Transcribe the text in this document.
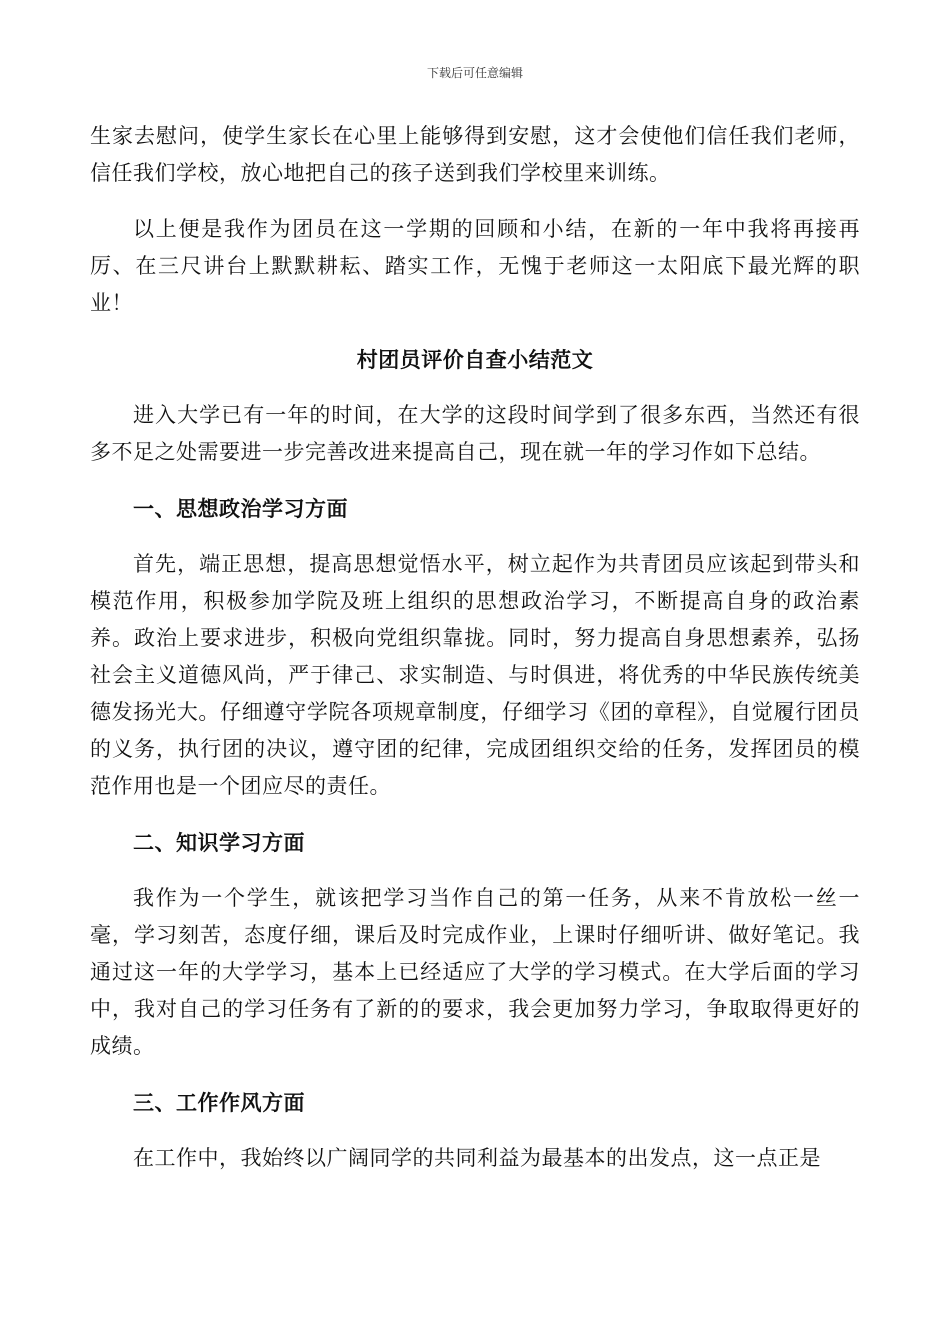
下载后可任意编辑

生家去慰问，使学生家长在心里上能够得到安慰，这才会使他们信任我们老师，信任我们学校，放心地把自己的孩子送到我们学校里来训练。

以上便是我作为团员在这一学期的回顾和小结，在新的一年中我将再接再厉、在三尺讲台上默默耕耘、踏实工作，无愧于老师这一太阳底下最光辉的职业！

村团员评价自查小结范文

进入大学已有一年的时间，在大学的这段时间学到了很多东西，当然还有很多不足之处需要进一步完善改进来提高自己，现在就一年的学习作如下总结。

一、思想政治学习方面

首先，端正思想，提高思想觉悟水平，树立起作为共青团员应该起到带头和模范作用，积极参加学院及班上组织的思想政治学习，不断提高自身的政治素养。政治上要求进步，积极向党组织靠拢。同时，努力提高自身思想素养，弘扬社会主义道德风尚，严于律己、求实制造、与时俱进，将优秀的中华民族传统美德发扬光大。仔细遵守学院各项规章制度，仔细学习《团的章程》，自觉履行团员的义务，执行团的决议，遵守团的纪律，完成团组织交给的任务，发挥团员的模范作用也是一个团应尽的责任。

二、知识学习方面

我作为一个学生，就该把学习当作自己的第一任务，从来不肯放松一丝一毫，学习刻苦，态度仔细，课后及时完成作业，上课时仔细听讲、做好笔记。我通过这一年的大学学习，基本上已经适应了大学的学习模式。在大学后面的学习中，我对自己的学习任务有了新的的要求，我会更加努力学习，争取取得更好的成绩。

三、工作作风方面

在工作中，我始终以广阔同学的共同利益为最基本的出发点，这一点正是
